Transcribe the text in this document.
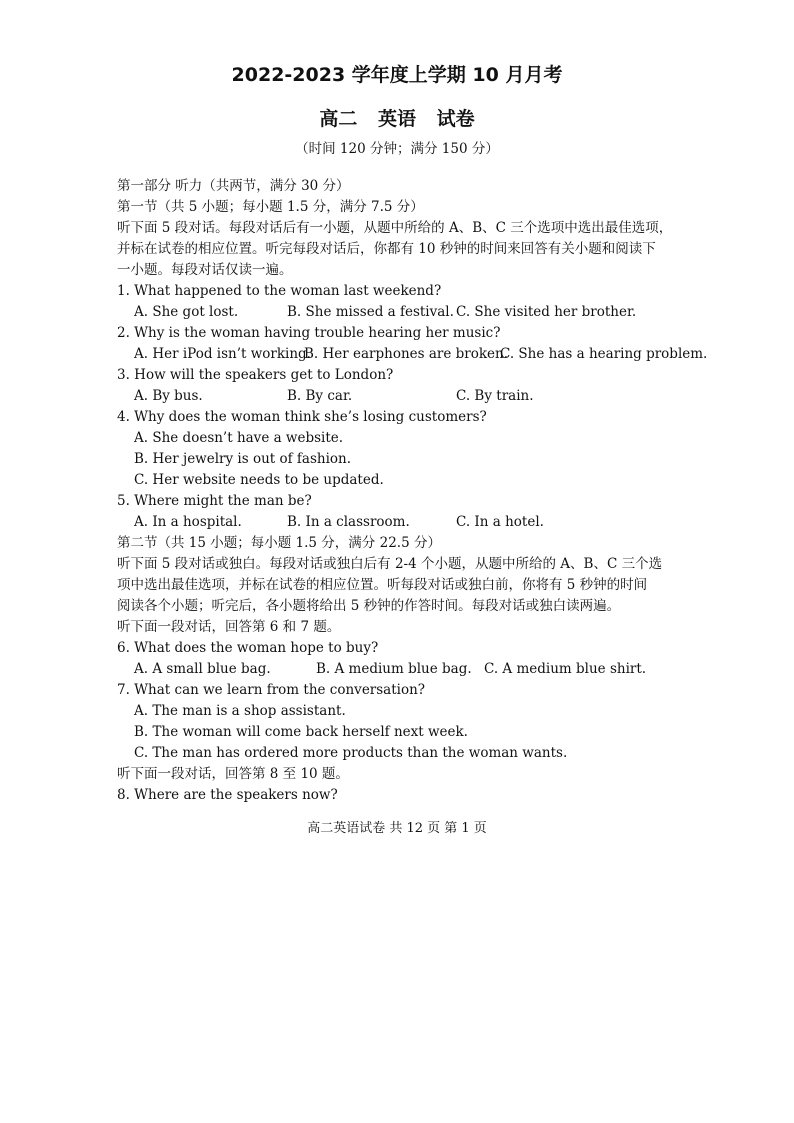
2022-2023 学年度上学期 10 月月考
高二 英语 试卷
（时间 120 分钟；满分 150 分）
第一部分 听力（共两节，满分 30 分）
第一节（共 5 小题；每小题 1.5 分，满分 7.5 分）
听下面 5 段对话。每段对话后有一小题，从题中所给的 A、B、C 三个选项中选出最佳选项，
并标在试卷的相应位置。听完每段对话后，你都有 10 秒钟的时间来回答有关小题和阅读下
一小题。每段对话仅读一遍。
1. What happened to the woman last weekend?
A. She got lost.	B. She missed a festival. C. She visited her brother.
2. Why is the woman having trouble hearing her music?
A. Her iPod isn’t working.
B. Her earphones are broken.
C. She has a hearing problem.
3. How will the speakers get to London?
A. By bus.	B. By car.	C. By train.
4. Why does the woman think she’s losing customers?
A. She doesn’t have a website.
B. Her jewelry is out of fashion.
C. Her website needs to be updated.
5. Where might the man be?
A. In a hospital.	B. In a classroom.	C. In a hotel.
第二节（共 15 小题；每小题 1.5 分，满分 22.5 分）
听下面 5 段对话或独白。每段对话或独白后有 2-4 个小题，从题中所给的 A、B、C 三个选
项中选出最佳选项，并标在试卷的相应位置。听每段对话或独白前，你将有 5 秒钟的时间
阅读各个小题；听完后，各小题将给出 5 秒钟的作答时间。每段对话或独白读两遍。
听下面一段对话，回答第 6 和 7 题。
6. What does the woman hope to buy?
A. A small blue bag.	B. A medium blue bag. C. A medium blue shirt.
7. What can we learn from the conversation?
A. The man is a shop assistant.
B. The woman will come back herself next week.
C. The man has ordered more products than the woman wants.
听下面一段对话，回答第 8 至 10 题。
8. Where are the speakers now?
高二英语试卷 共 12 页 第 1 页
